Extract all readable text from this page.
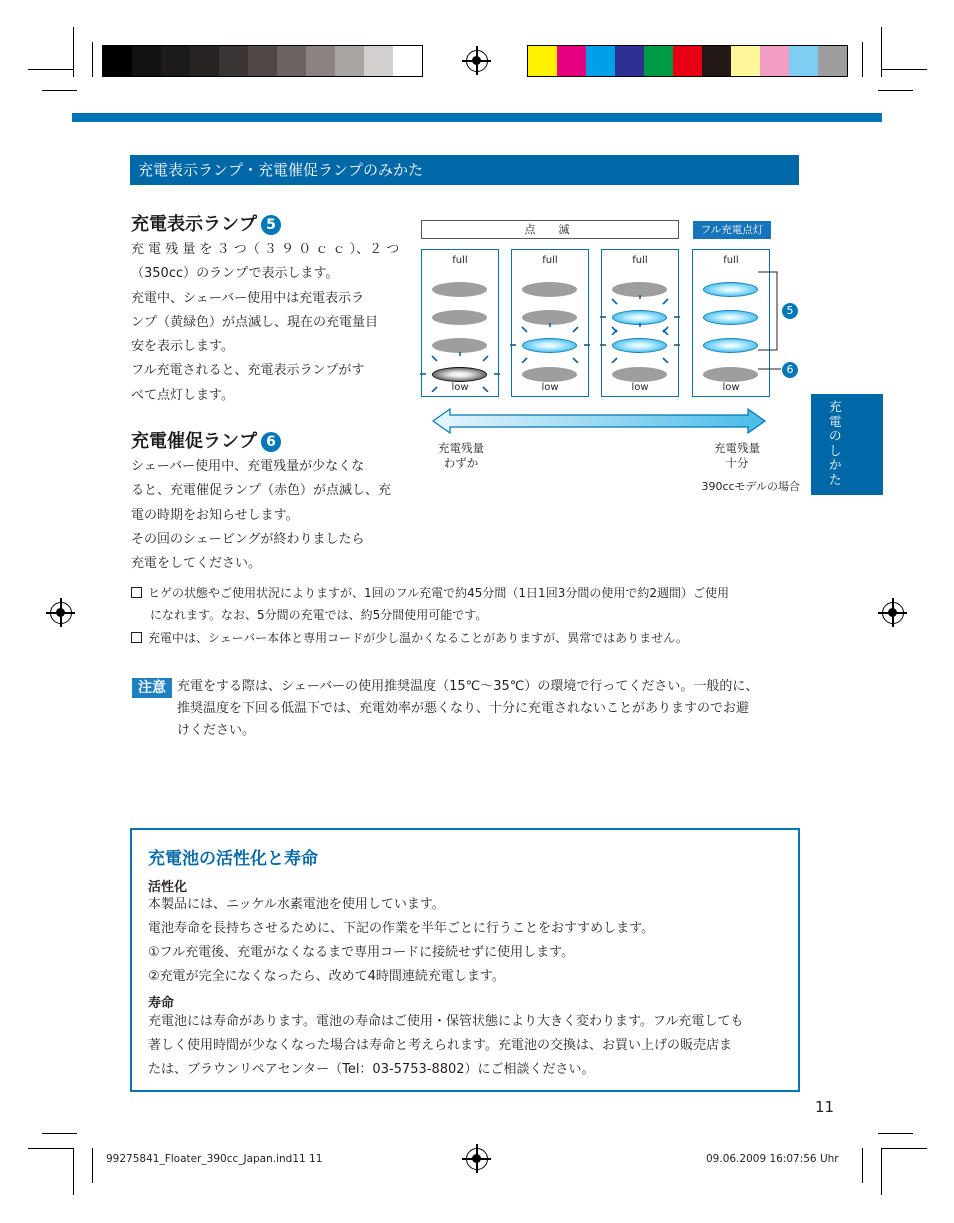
充電表示ランプ・充電催促ランプのみかた
充電表示ランプ 5
充 電 残 量 を ３ つ（ ３ ９ ０ ｃ ｃ ）、２ つ
（350cc）のランプで表示します。
充電中、シェーバー使用中は充電表示ラ
ンプ（黄緑色）が点滅し、現在の充電量目
安を表示します。
フル充電されると、充電表示ランプがす
べて点灯します。
充電催促ランプ 6
シェーバー使用中、充電残量が少なくな
ると、充電催促ランプ（赤色）が点滅し、充
電の時期をお知らせします。
その回のシェービングが終わりましたら
充電をしてください。
点　滅	フル充電点灯
full
low
full
low
full
low
full
low
5
6
充電残量
わずか
充電残量
十分
390ccモデルの場合
充電のしかた
ヒゲの状態やご使用状況によりますが、1回のフル充電で約45分間（1日1回3分間の使用で約2週間）ご使用
になれます。なお、5分間の充電では、約5分間使用可能です。
充電中は、シェーバー本体と専用コードが少し温かくなることがありますが、異常ではありません。
注意 充電をする際は、シェーバーの使用推奨温度（15℃〜35℃）の環境で行ってください。一般的に、
推奨温度を下回る低温下では、充電効率が悪くなり、十分に充電されないことがありますのでお避
けください。
充電池の活性化と寿命
活性化
本製品には、ニッケル水素電池を使用しています。
電池寿命を長持ちさせるために、下記の作業を半年ごとに行うことをおすすめします。
①フル充電後、充電がなくなるまで専用コードに接続せずに使用します。
②充電が完全になくなったら、改めて4時間連続充電します。
寿命
充電池には寿命があります。電池の寿命はご使用・保管状態により大きく変わります。フル充電しても
著しく使用時間が少なくなった場合は寿命と考えられます。充電池の交換は、お買い上げの販売店ま
たは、ブラウンリペアセンター（Tel：03-5753-8802）にご相談ください。
11
99275841_Floater_390cc_Japan.ind11 11	09.06.2009 16:07:56 Uhr
